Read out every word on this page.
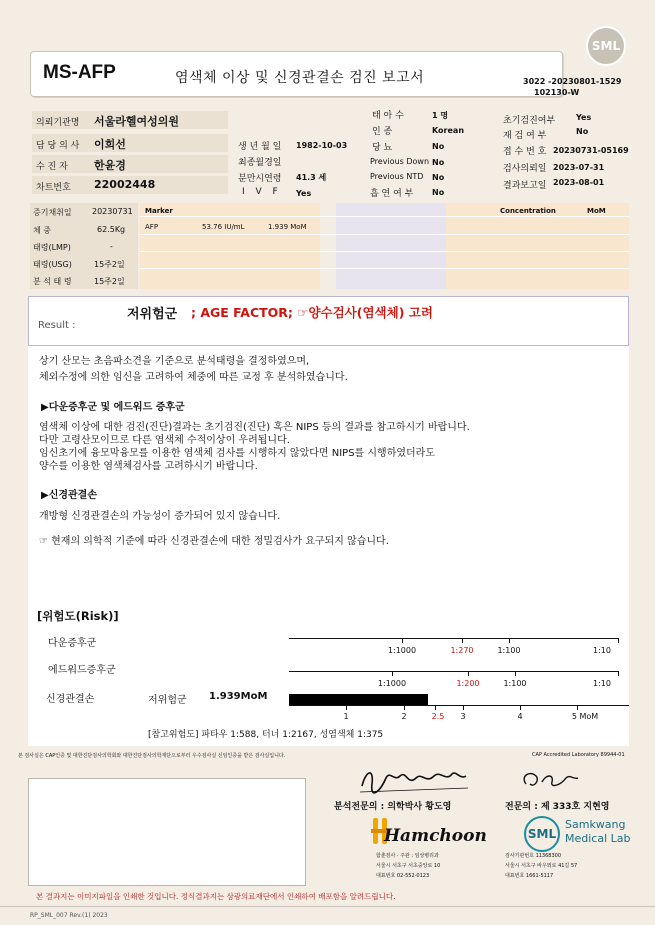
SML
MS-AFP	염색체 이상 및 신경관결손 검진 보고서	3022 -20230801-1529
102130-W
의뢰기관명 서울라헬여성의원
담 당 의 사 이희선
수 진 자 한윤경
차트번호 22002448
생 년 월 일 1982-10-03
최종월경일
분만시연령 41.3 세
I V F Yes
태 아 수	1 명
인 종	Korean
당 뇨	No
Previous Down No
Previous NTD No
흡 연 여 부 No
초기검진여부	Yes
재 검 여 부	No
접 수 번 호 20230731-05169
검사의뢰일 2023-07-31
결과보고일 2023-08-01
증기채취일	20230731
체 중	62.5Kg
태령(LMP)	-
태령(USG)	15주2일
분 석 태 령	15주2일
Marker	Concentration	MoM
AFP	53.76 IU/mL	1.939 MoM
Result :
저위험군 ; AGE FACTOR; ☞양수검사(염색체) 고려
상기 산모는 초음파소견을 기준으로 분석태령을 결정하였으며,
체외수정에 의한 임신을 고려하여 체중에 따른 교정 후 분석하였습니다.
▶다운증후군 및 에드워드 증후군
염색체 이상에 대한 검진(진단)결과는 초기검진(진단) 혹은 NIPS 등의 결과를 참고하시기 바랍니다.
다만 고령산모이므로 다른 염색체 수적이상이 우려됩니다.
임신초기에 융모막융모를 이용한 염색체 검사를 시행하지 않았다면 NIPS를 시행하였더라도
양수를 이용한 염색체검사를 고려하시기 바랍니다.
▶신경관결손
개방형 신경관결손의 가능성이 증가되어 있지 않습니다.
☞ 현재의 의학적 기준에 따라 신경관결손에 대한 정밀검사가 요구되지 않습니다.
[위험도(Risk)]
다운증후군
1:1000	1:270	1:100	1:10
에드워드증후군
1:1000	1:200	1:100	1:10
신경관결손	저위험군 1.939MoM
1	2	2.5 3	4	5 MoM
[참고위험도] 파타우 1:588, 터너 1:2167, 성염색체 1:375
본 검사실은 CAP인증 및 대한진단검사의학회와 대한진단검사의학재단으로부터 우수검사실 신임인증을 받은 검사실입니다.	CAP Accredited Laboratory 89944-01
분석전문의 : 의학박사 황도영	전문의 : 제 333호 지현영
Hamchoon
함춘검사 · 주관 : 임상병리과
서울시 서초구 서초중앙로 10
대표번호 02-552-0123
SML
Samkwang
Medical Lab
검사기관번호 11368300
서울시 서초구 바우뫼로 41길 57
대표번호 1661-5117
본 결과지는 이미지파일을 인쇄한 것입니다. 정식결과지는 삼광의료재단에서 인쇄하여 배포함을 알려드립니다.
RP_SML_007 Rev.(1) 2023
